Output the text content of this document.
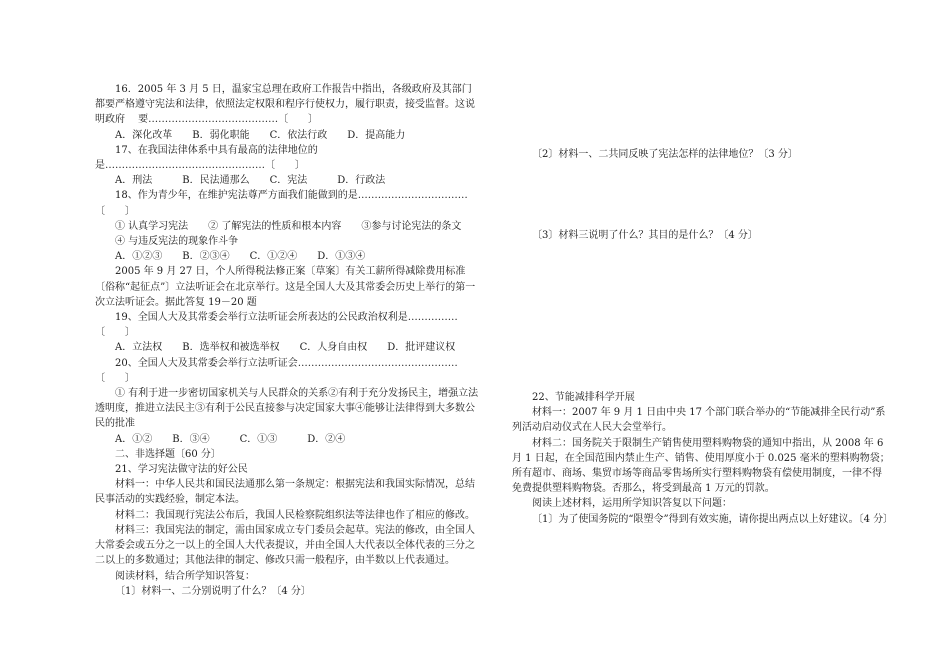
16．2005 年 3 月 5 日，温家宝总理在政府工作报告中指出，各级政府及其部门都要严格遵守宪法和法律，依照法定权限和程序行使权力，履行职责，接受监督。这说明政府　 要…………………………………〔　　〕

A．深化改革　　B．弱化职能　　C．依法行政　　D．提高能力

17、在我国法律体系中具有最高的法律地位的是…………………………………………〔　　〕

A．刑法　　　B．民法通那么　　C．宪法　　　D．行政法

18、作为青少年，在维护宪法尊严方面我们能做到的是……………………………〔　　〕

① 认真学习宪法　　② 了解宪法的性质和根本内容　　③参与讨论宪法的条文

④ 与违反宪法的现象作斗争

A．①②③　　B．②③④　　C．①②④　　D．①③④

2005 年 9 月 27 日，个人所得税法修正案〔草案〕有关工薪所得减除费用标准〔俗称“起征点”〕立法听证会在北京举行。这是全国人大及其常委会历史上举行的第一次立法听证会。据此答复 19－20 题

19、全国人大及其常委会举行立法听证会所表达的公民政治权利是……………〔　　〕

A．立法权　　B．选举权和被选举权　　C．人身自由权　　D．批评建议权

20、全国人大及其常委会举行立法听证会…………………………………………〔　　〕

① 有利于进一步密切国家机关与人民群众的关系②有利于充分发扬民主，增强立法透明度，推进立法民主③有利于公民直接参与决定国家大事④能够让法律得到大多数公民的批准

A．①②　　B．③④　　　C．①③　　　D．②④

二、非选择题〔60 分〕

21、学习宪法做守法的好公民

材料一：中华人民共和国民法通那么第一条规定：根据宪法和我国实际情况，总结民事活动的实践经验，制定本法。

材料二：我国现行宪法公布后，我国人民检察院组织法等法律也作了相应的修改。

材料三：我国宪法的制定，需由国家成立专门委员会起草。宪法的修改，由全国人大常委会或五分之一以上的全国人大代表提议，并由全国人大代表以全体代表的三分之二以上的多数通过；其他法律的制定、修改只需一般程序，由半数以上代表通过。

阅读材料，结合所学知识答复：

〔1〕材料一、二分别说明了什么？〔4 分〕

〔2〕材料一、二共同反映了宪法怎样的法律地位？〔3 分〕

〔3〕材料三说明了什么？其目的是什么？〔4 分〕

22、节能减排科学开展

材料一：2007 年 9 月 1 日由中央 17 个部门联合举办的“节能减排全民行动”系列活动启动仪式在人民大会堂举行。

材料二：国务院关于限制生产销售使用塑料购物袋的通知中指出，从 2008 年 6 月 1 日起，在全国范围内禁止生产、销售、使用厚度小于 0.025 毫米的塑料购物袋；所有超市、商场、集贸市场等商品零售场所实行塑料购物袋有偿使用制度，一律不得免费提供塑料购物袋。否那么，将受到最高 1 万元的罚款。

阅读上述材料，运用所学知识答复以下问题：

〔1〕为了使国务院的“限塑令”得到有效实施，请你提出两点以上好建议。〔4 分〕
